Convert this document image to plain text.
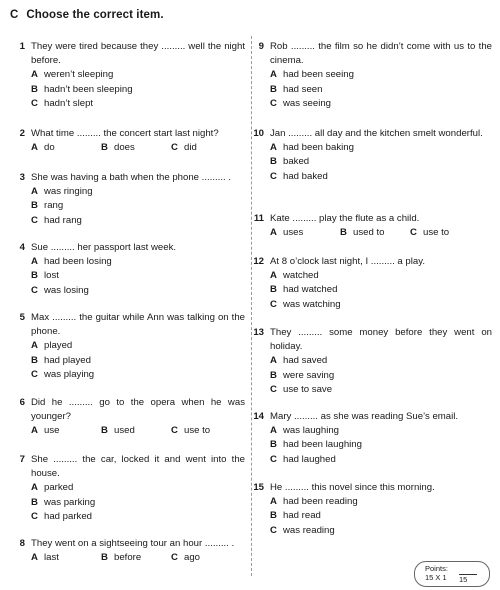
C Choose the correct item.
1 They were tired because they ......... well the night before.
A weren’t sleeping
B hadn’t been sleeping
C hadn’t slept
2 What time ......... the concert start last night?
A do	B does	C did
3 She was having a bath when the phone ......... .
A was ringing
B rang
C had rang
4 Sue ......... her passport last week.
A had been losing
B lost
C was losing
5 Max ......... the guitar while Ann was talking on the phone.
A played
B had played
C was playing
6 Did he ......... go to the opera when he was younger?
A use	B used	C use to
7 She ......... the car, locked it and went into the house.
A parked
B was parking
C had parked
8 They went on a sightseeing tour an hour ......... .
A last	B before	C ago
9 Rob ......... the film so he didn’t come with us to the cinema.
A had been seeing
B had seen
C was seeing
10 Jan ......... all day and the kitchen smelt wonderful.
A had been baking
B baked
C had baked
11 Kate ......... play the flute as a child.
A uses	B used to	C use to
12 At 8 o’clock last night, I ......... a play.
A watched
B had watched
C was watching
13 They ......... some money before they went on holiday.
A had saved
B were saving
C use to save
14 Mary ......... as she was reading Sue’s email.
A was laughing
B had been laughing
C had laughed
15 He ......... this novel since this morning.
A had been reading
B had read
C was reading
Points:
15 X 1 15
